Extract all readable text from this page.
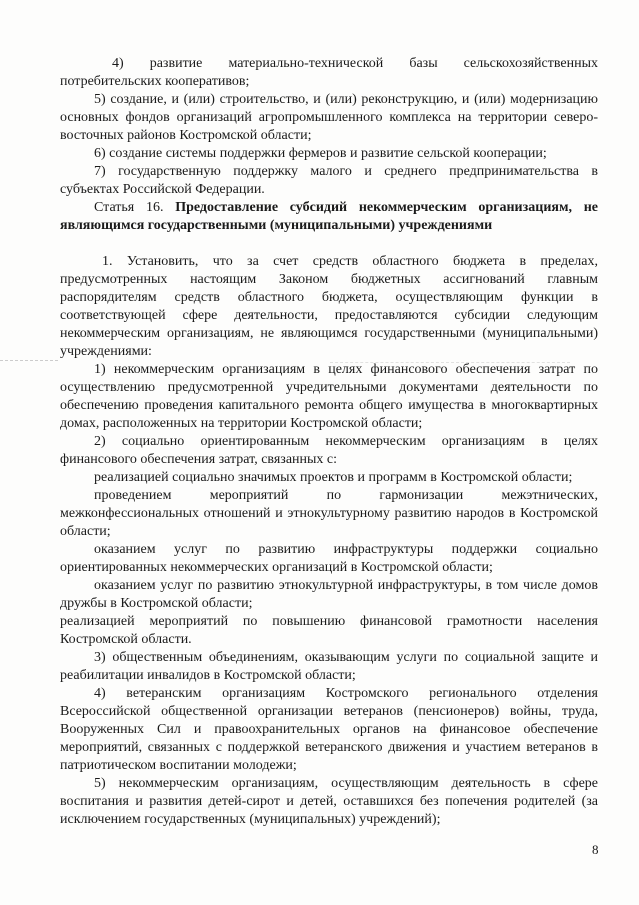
4) развитие материально-технической базы сельскохозяйственных потребительских кооперативов;

5) создание, и (или) строительство, и (или) реконструкцию, и (или) модернизацию основных фондов организаций агропромышленного комплекса на территории северо-восточных районов Костромской области;

6) создание системы поддержки фермеров и развитие сельской кооперации;

7) государственную поддержку малого и среднего предпринимательства в субъектах Российской Федерации.

Статья 16. Предоставление субсидий некоммерческим организациям, не являющимся государственными (муниципальными) учреждениями

1. Установить, что за счет средств областного бюджета в пределах, предусмотренных настоящим Законом бюджетных ассигнований главным распорядителям средств областного бюджета, осуществляющим функции в соответствующей сфере деятельности, предоставляются субсидии следующим некоммерческим организациям, не являющимся государственными (муниципальными) учреждениями:

1) некоммерческим организациям в целях финансового обеспечения затрат по осуществлению предусмотренной учредительными документами деятельности по обеспечению проведения капитального ремонта общего имущества в многоквартирных домах, расположенных на территории Костромской области;

2) социально ориентированным некоммерческим организациям в целях финансового обеспечения затрат, связанных с:

реализацией социально значимых проектов и программ в Костромской области;

проведением мероприятий по гармонизации межэтнических, межконфессиональных отношений и этнокультурному развитию народов в Костромской области;

оказанием услуг по развитию инфраструктуры поддержки социально ориентированных некоммерческих организаций в Костромской области;

оказанием услуг по развитию этнокультурной инфраструктуры, в том числе домов дружбы в Костромской области;

реализацией мероприятий по повышению финансовой грамотности населения Костромской области.

3) общественным объединениям, оказывающим услуги по социальной защите и реабилитации инвалидов в Костромской области;

4) ветеранским организациям Костромского регионального отделения Всероссийской общественной организации ветеранов (пенсионеров) войны, труда, Вооруженных Сил и правоохранительных органов на финансовое обеспечение мероприятий, связанных с поддержкой ветеранского движения и участием ветеранов в патриотическом воспитании молодежи;

5) некоммерческим организациям, осуществляющим деятельность в сфере воспитания и развития детей-сирот и детей, оставшихся без попечения родителей (за исключением государственных (муниципальных) учреждений);

8
